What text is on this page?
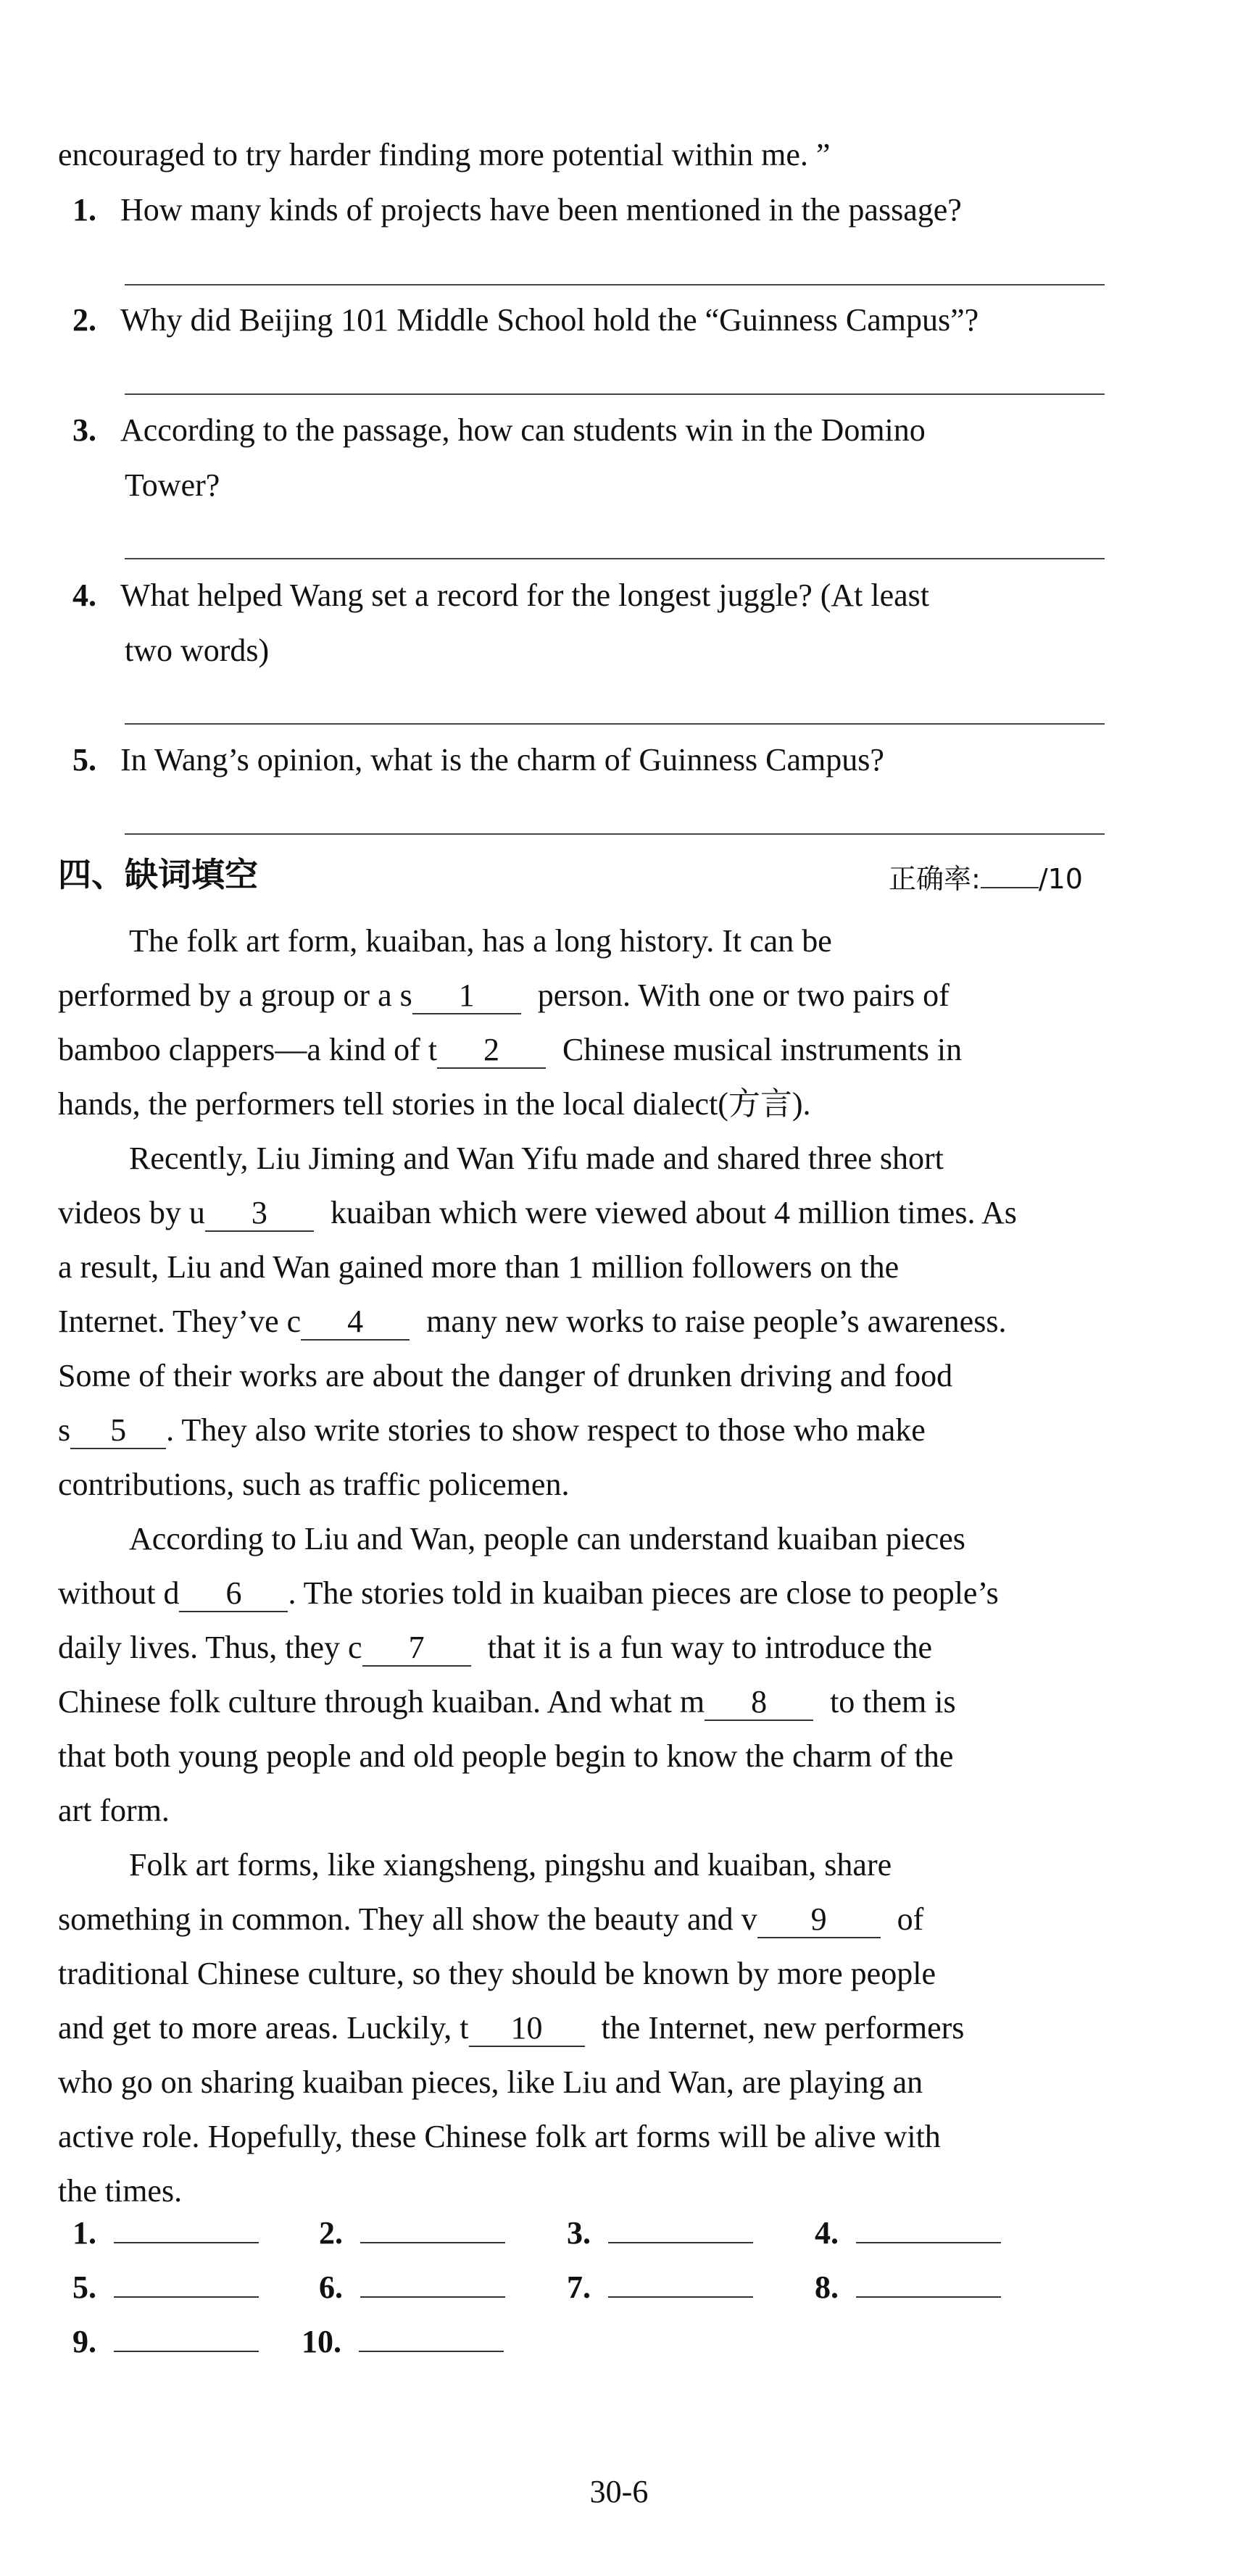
encouraged to try harder finding more potential within me. ”
1. How many kinds of projects have been mentioned in the passage?
2. Why did Beijing 101 Middle School hold the “Guinness Campus”?
3. According to the passage, how can students win in the Domino
Tower?
4. What helped Wang set a record for the longest juggle? (At least
two words)
5. In Wang’s opinion, what is the charm of Guinness Campus?
四、缺词填空	正确率: /10
The folk art form, kuaiban, has a long history. It can be
performed by a group or a s 1 person. With one or two pairs of
bamboo clappers—a kind of t 2 Chinese musical instruments in
hands, the performers tell stories in the local dialect(方言).
Recently, Liu Jiming and Wan Yifu made and shared three short
videos by u 3 kuaiban which were viewed about 4 million times. As
a result, Liu and Wan gained more than 1 million followers on the
Internet. They’ve c 4 many new works to raise people’s awareness.
Some of their works are about the danger of drunken driving and food
s 5 . They also write stories to show respect to those who make
contributions, such as traffic policemen.
According to Liu and Wan, people can understand kuaiban pieces
without d 6 . The stories told in kuaiban pieces are close to people’s
daily lives. Thus, they c 7 that it is a fun way to introduce the
Chinese folk culture through kuaiban. And what m 8 to them is
that both young people and old people begin to know the charm of the
art form.
Folk art forms, like xiangsheng, pingshu and kuaiban, share
something in common. They all show the beauty and v 9 of
traditional Chinese culture, so they should be known by more people
and get to more areas. Luckily, t 10 the Internet, new performers
who go on sharing kuaiban pieces, like Liu and Wan, are playing an
active role. Hopefully, these Chinese folk art forms will be alive with
the times.
1.	2.	3.	4.
5.	6.	7.	8.
9.	10.
30-6
